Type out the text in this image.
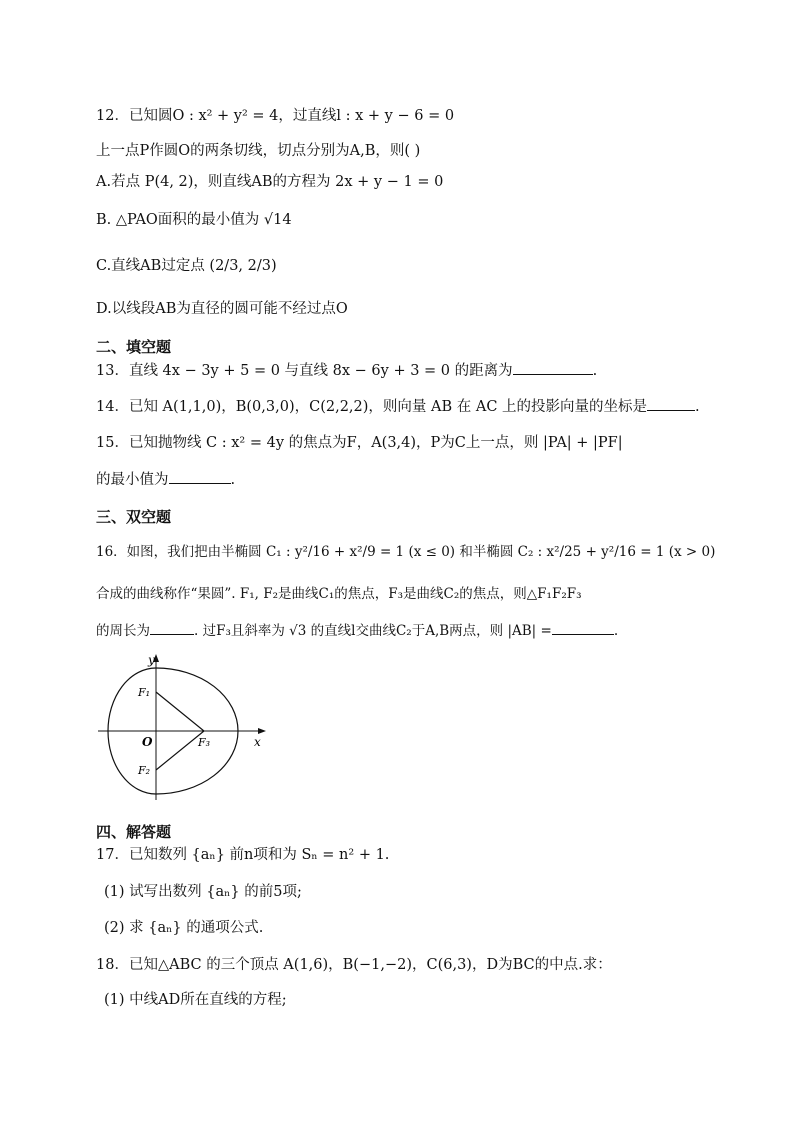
12．已知圆O : x² + y² = 4，过直线l : x + y − 6 = 0
上一点P作圆O的两条切线，切点分别为A,B，则( )
A.若点 P(4, 2)，则直线AB的方程为 2x + y − 1 = 0
B. △PAO面积的最小值为 √14
C.直线AB过定点 (2/3, 2/3)
D.以线段AB为直径的圆可能不经过点O
二、填空题
13．直线 4x − 3y + 5 = 0 与直线 8x − 6y + 3 = 0 的距离为	.
14．已知 A(1,1,0)，B(0,3,0)，C(2,2,2)，则向量 AB 在 AC 上的投影向量的坐标是	.
15．已知抛物线 C : x² = 4y 的焦点为F，A(3,4)，P为C上一点，则 |PA| + |PF|
的最小值为	.
三、双空题
16．如图，我们把由半椭圆 C₁ : y²/16 + x²/9 = 1 (x ≤ 0) 和半椭圆 C₂ : x²/25 + y²/16 = 1 (x > 0)
合成的曲线称作“果圆”. F₁, F₂是曲线C₁的焦点，F₃是曲线C₂的焦点，则△F₁F₂F₃
的周长为	. 过F₃且斜率为 √3 的直线l交曲线C₂于A,B两点，则 |AB| =	.
y
x
O
F₁
F₂
F₃
四、解答题
17．已知数列 {aₙ} 前n项和为 Sₙ = n² + 1.
(1) 试写出数列 {aₙ} 的前5项;
(2) 求 {aₙ} 的通项公式.
18．已知△ABC 的三个顶点 A(1,6)，B(−1,−2)，C(6,3)，D为BC的中点.求：
(1) 中线AD所在直线的方程;
